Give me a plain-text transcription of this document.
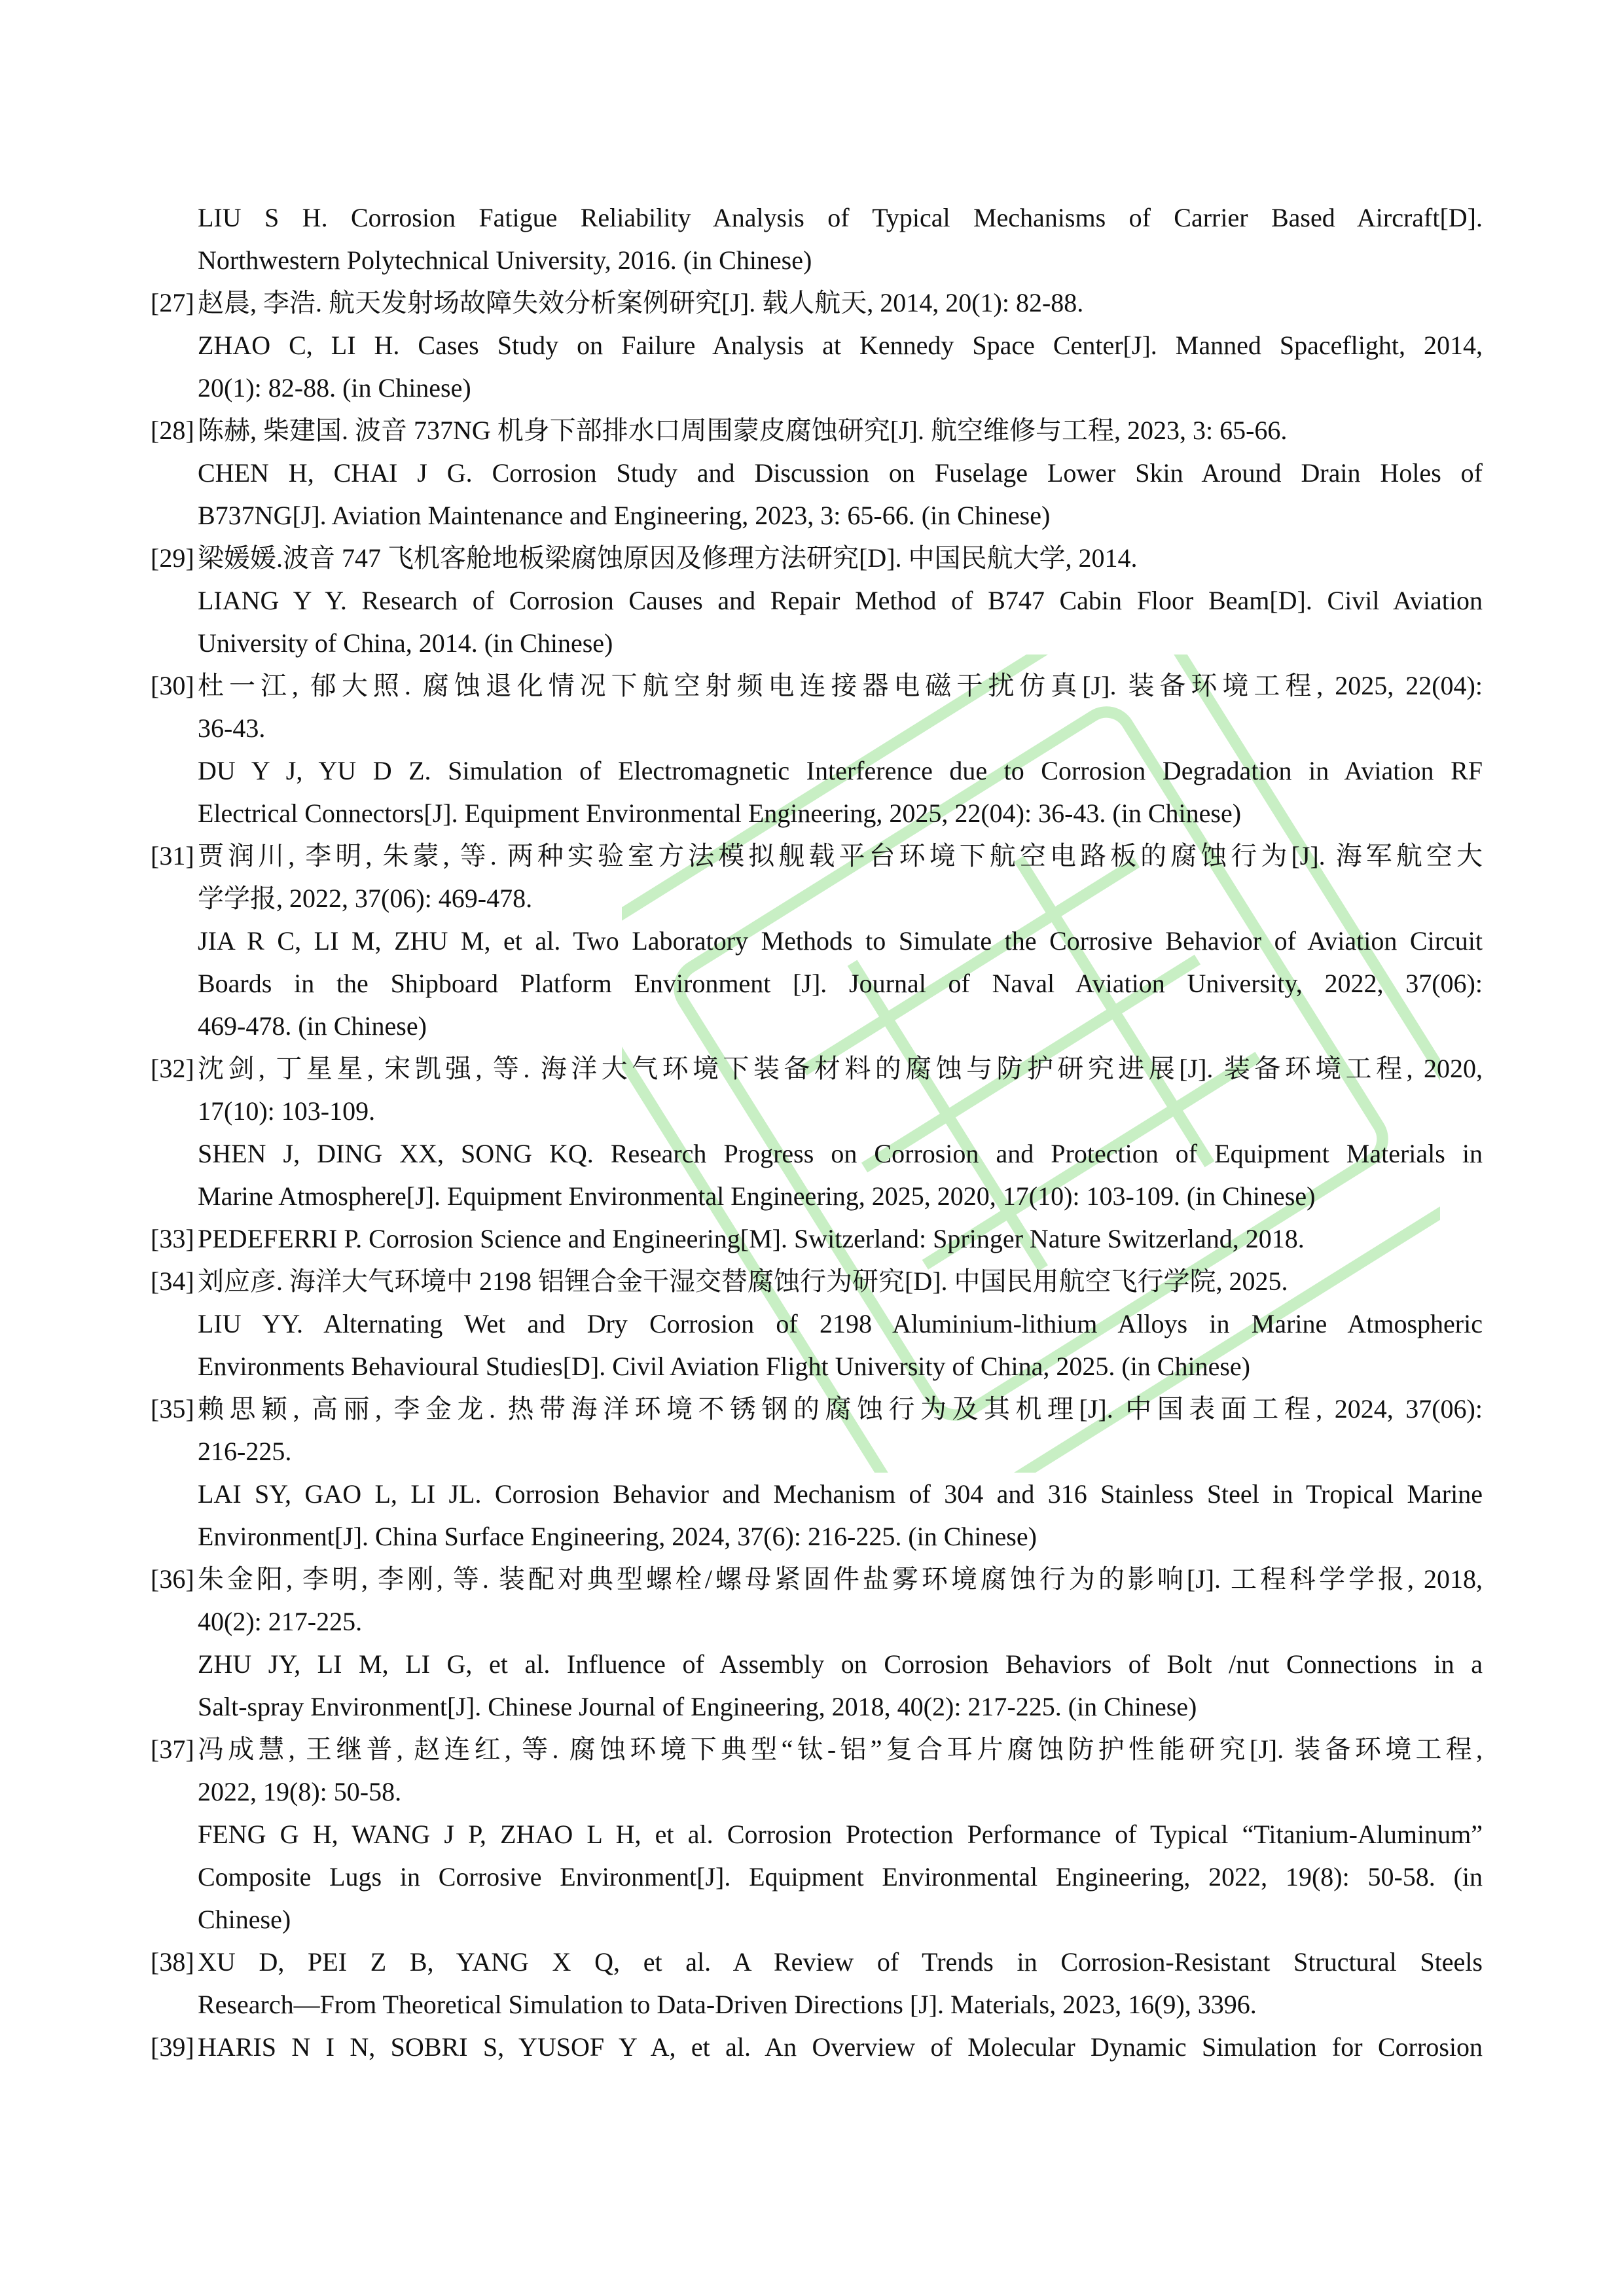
LIU S H. Corrosion Fatigue Reliability Analysis of Typical Mechanisms of Carrier Based Aircraft[D].
Northwestern Polytechnical University, 2016. (in Chinese)
[27] 赵晨, 李浩. 航天发射场故障失效分析案例研究[J]. 载人航天, 2014, 20(1): 82-88.
ZHAO C, LI H. Cases Study on Failure Analysis at Kennedy Space Center[J]. Manned Spaceflight, 2014,
20(1): 82-88. (in Chinese)
[28] 陈赫, 柴建国. 波音 737NG 机身下部排水口周围蒙皮腐蚀研究[J]. 航空维修与工程, 2023, 3: 65-66.
CHEN H, CHAI J G. Corrosion Study and Discussion on Fuselage Lower Skin Around Drain Holes of
B737NG[J]. Aviation Maintenance and Engineering, 2023, 3: 65-66. (in Chinese)
[29] 梁媛媛.波音 747 飞机客舱地板梁腐蚀原因及修理方法研究[D]. 中国民航大学, 2014.
LIANG Y Y. Research of Corrosion Causes and Repair Method of B747 Cabin Floor Beam[D]. Civil Aviation
University of China, 2014. (in Chinese)
[30] 杜一江, 郁大照. 腐蚀退化情况下航空射频电连接器电磁干扰仿真[J]. 装备环境工程, 2025, 22(04):
36-43.
DU Y J, YU D Z. Simulation of Electromagnetic Interference due to Corrosion Degradation in Aviation RF
Electrical Connectors[J]. Equipment Environmental Engineering, 2025, 22(04): 36-43. (in Chinese)
[31] 贾润川, 李明, 朱蒙, 等. 两种实验室方法模拟舰载平台环境下航空电路板的腐蚀行为[J]. 海军航空大
学学报, 2022, 37(06): 469-478.
JIA R C, LI M, ZHU M, et al. Two Laboratory Methods to Simulate the Corrosive Behavior of Aviation Circuit
Boards in the Shipboard Platform Environment [J]. Journal of Naval Aviation University, 2022, 37(06):
469-478. (in Chinese)
[32] 沈剑, 丁星星, 宋凯强, 等. 海洋大气环境下装备材料的腐蚀与防护研究进展[J]. 装备环境工程, 2020,
17(10): 103-109.
SHEN J, DING XX, SONG KQ. Research Progress on Corrosion and Protection of Equipment Materials in
Marine Atmosphere[J]. Equipment Environmental Engineering, 2025, 2020, 17(10): 103-109. (in Chinese)
[33] PEDEFERRI P. Corrosion Science and Engineering[M]. Switzerland: Springer Nature Switzerland, 2018.
[34] 刘应彦. 海洋大气环境中 2198 铝锂合金干湿交替腐蚀行为研究[D]. 中国民用航空飞行学院, 2025.
LIU YY. Alternating Wet and Dry Corrosion of 2198 Aluminium-lithium Alloys in Marine Atmospheric
Environments Behavioural Studies[D]. Civil Aviation Flight University of China, 2025. (in Chinese)
[35] 赖思颖, 高丽, 李金龙. 热带海洋环境不锈钢的腐蚀行为及其机理[J]. 中国表面工程, 2024, 37(06):
216-225.
LAI SY, GAO L, LI JL. Corrosion Behavior and Mechanism of 304 and 316 Stainless Steel in Tropical Marine
Environment[J]. China Surface Engineering, 2024, 37(6): 216-225. (in Chinese)
[36] 朱金阳, 李明, 李刚, 等. 装配对典型螺栓/螺母紧固件盐雾环境腐蚀行为的影响[J]. 工程科学学报, 2018,
40(2): 217-225.
ZHU JY, LI M, LI G, et al. Influence of Assembly on Corrosion Behaviors of Bolt /nut Connections in a
Salt-spray Environment[J]. Chinese Journal of Engineering, 2018, 40(2): 217-225. (in Chinese)
[37] 冯成慧, 王继普, 赵连红, 等. 腐蚀环境下典型“钛-铝”复合耳片腐蚀防护性能研究[J]. 装备环境工程,
2022, 19(8): 50-58.
FENG G H, WANG J P, ZHAO L H, et al. Corrosion Protection Performance of Typical “Titanium-Aluminum”
Composite Lugs in Corrosive Environment[J]. Equipment Environmental Engineering, 2022, 19(8): 50-58. (in
Chinese)
[38] XU D, PEI Z B, YANG X Q, et al. A Review of Trends in Corrosion-Resistant Structural Steels
Research—From Theoretical Simulation to Data-Driven Directions [J]. Materials, 2023, 16(9), 3396.
[39] HARIS N I N, SOBRI S, YUSOF Y A, et al. An Overview of Molecular Dynamic Simulation for Corrosion
